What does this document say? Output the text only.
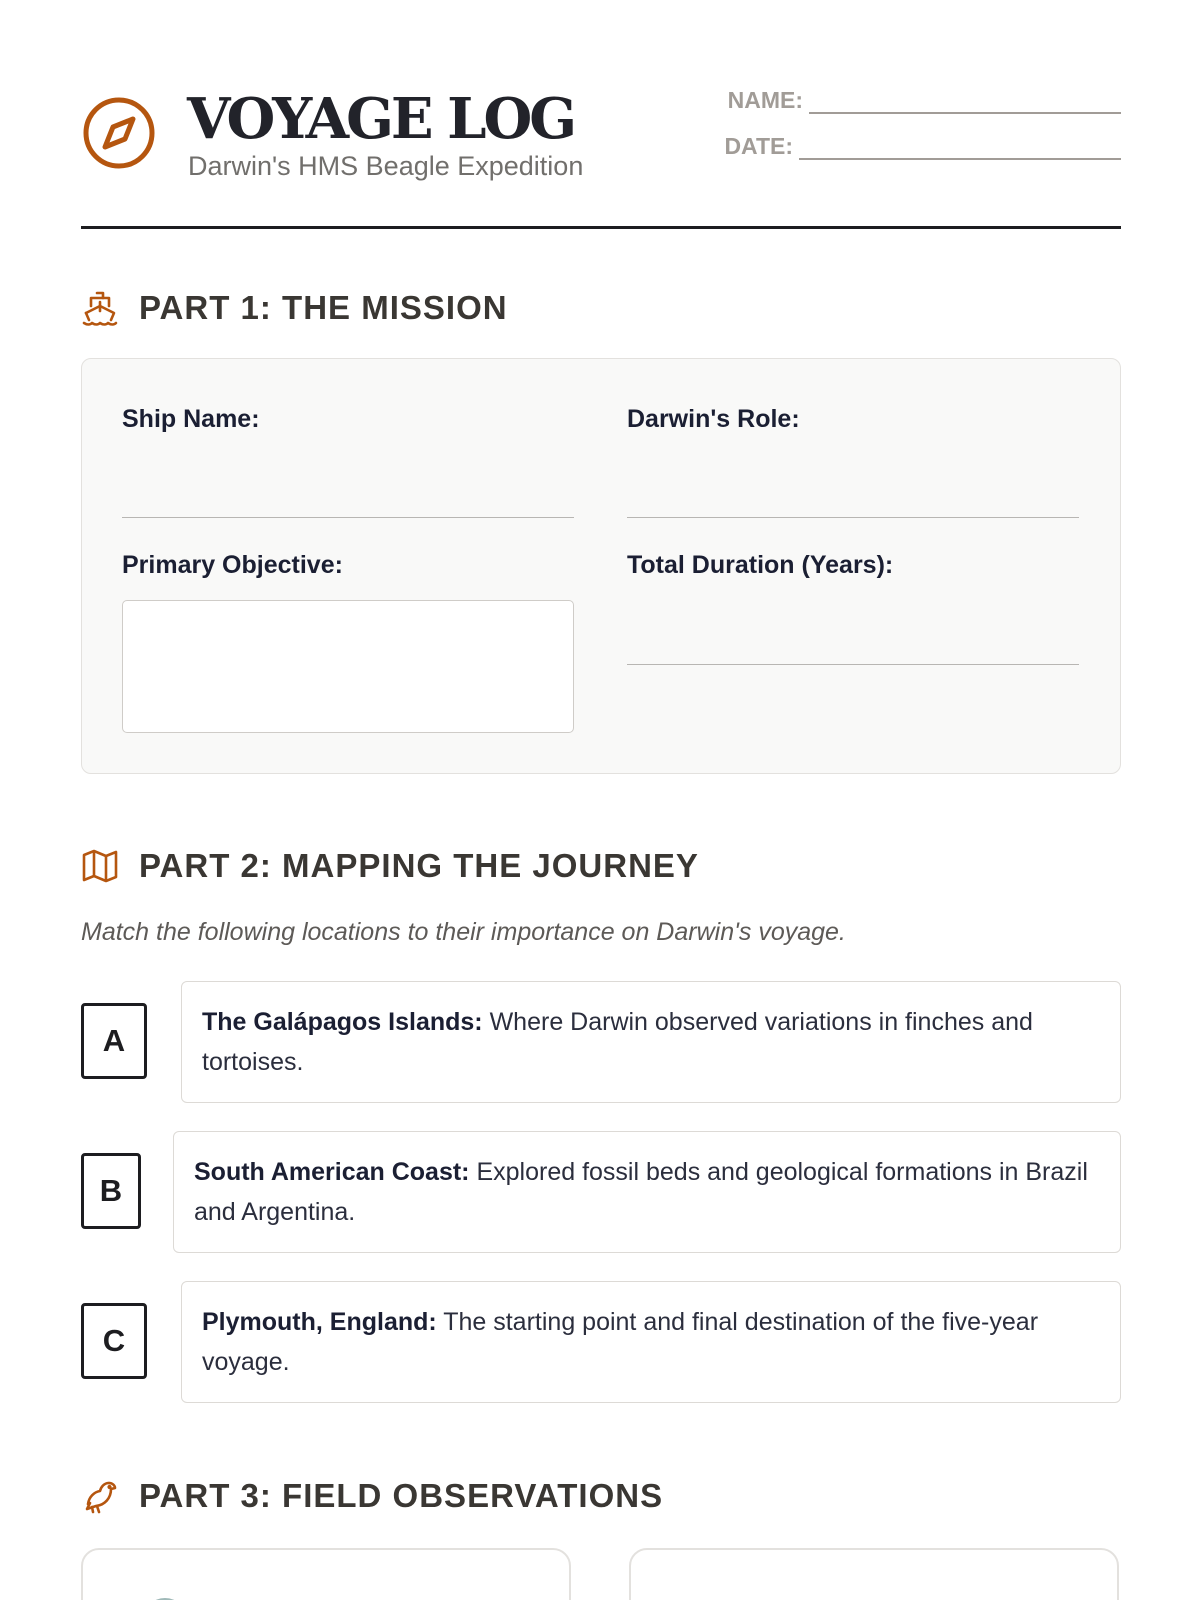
VOYAGE LOG
Darwin's HMS Beagle Expedition
NAME:
DATE:
PART 1: THE MISSION
Ship Name:	Darwin's Role:
Primary Objective:	Total Duration (Years):
PART 2: MAPPING THE JOURNEY
Match the following locations to their importance on Darwin's voyage.
A
The Galápagos Islands: Where Darwin observed variations in finches and tortoises.
B
South American Coast: Explored fossil beds and geological formations in Brazil and Argentina.
C
Plymouth, England: The starting point and final destination of the five-year voyage.
PART 3: FIELD OBSERVATIONS
